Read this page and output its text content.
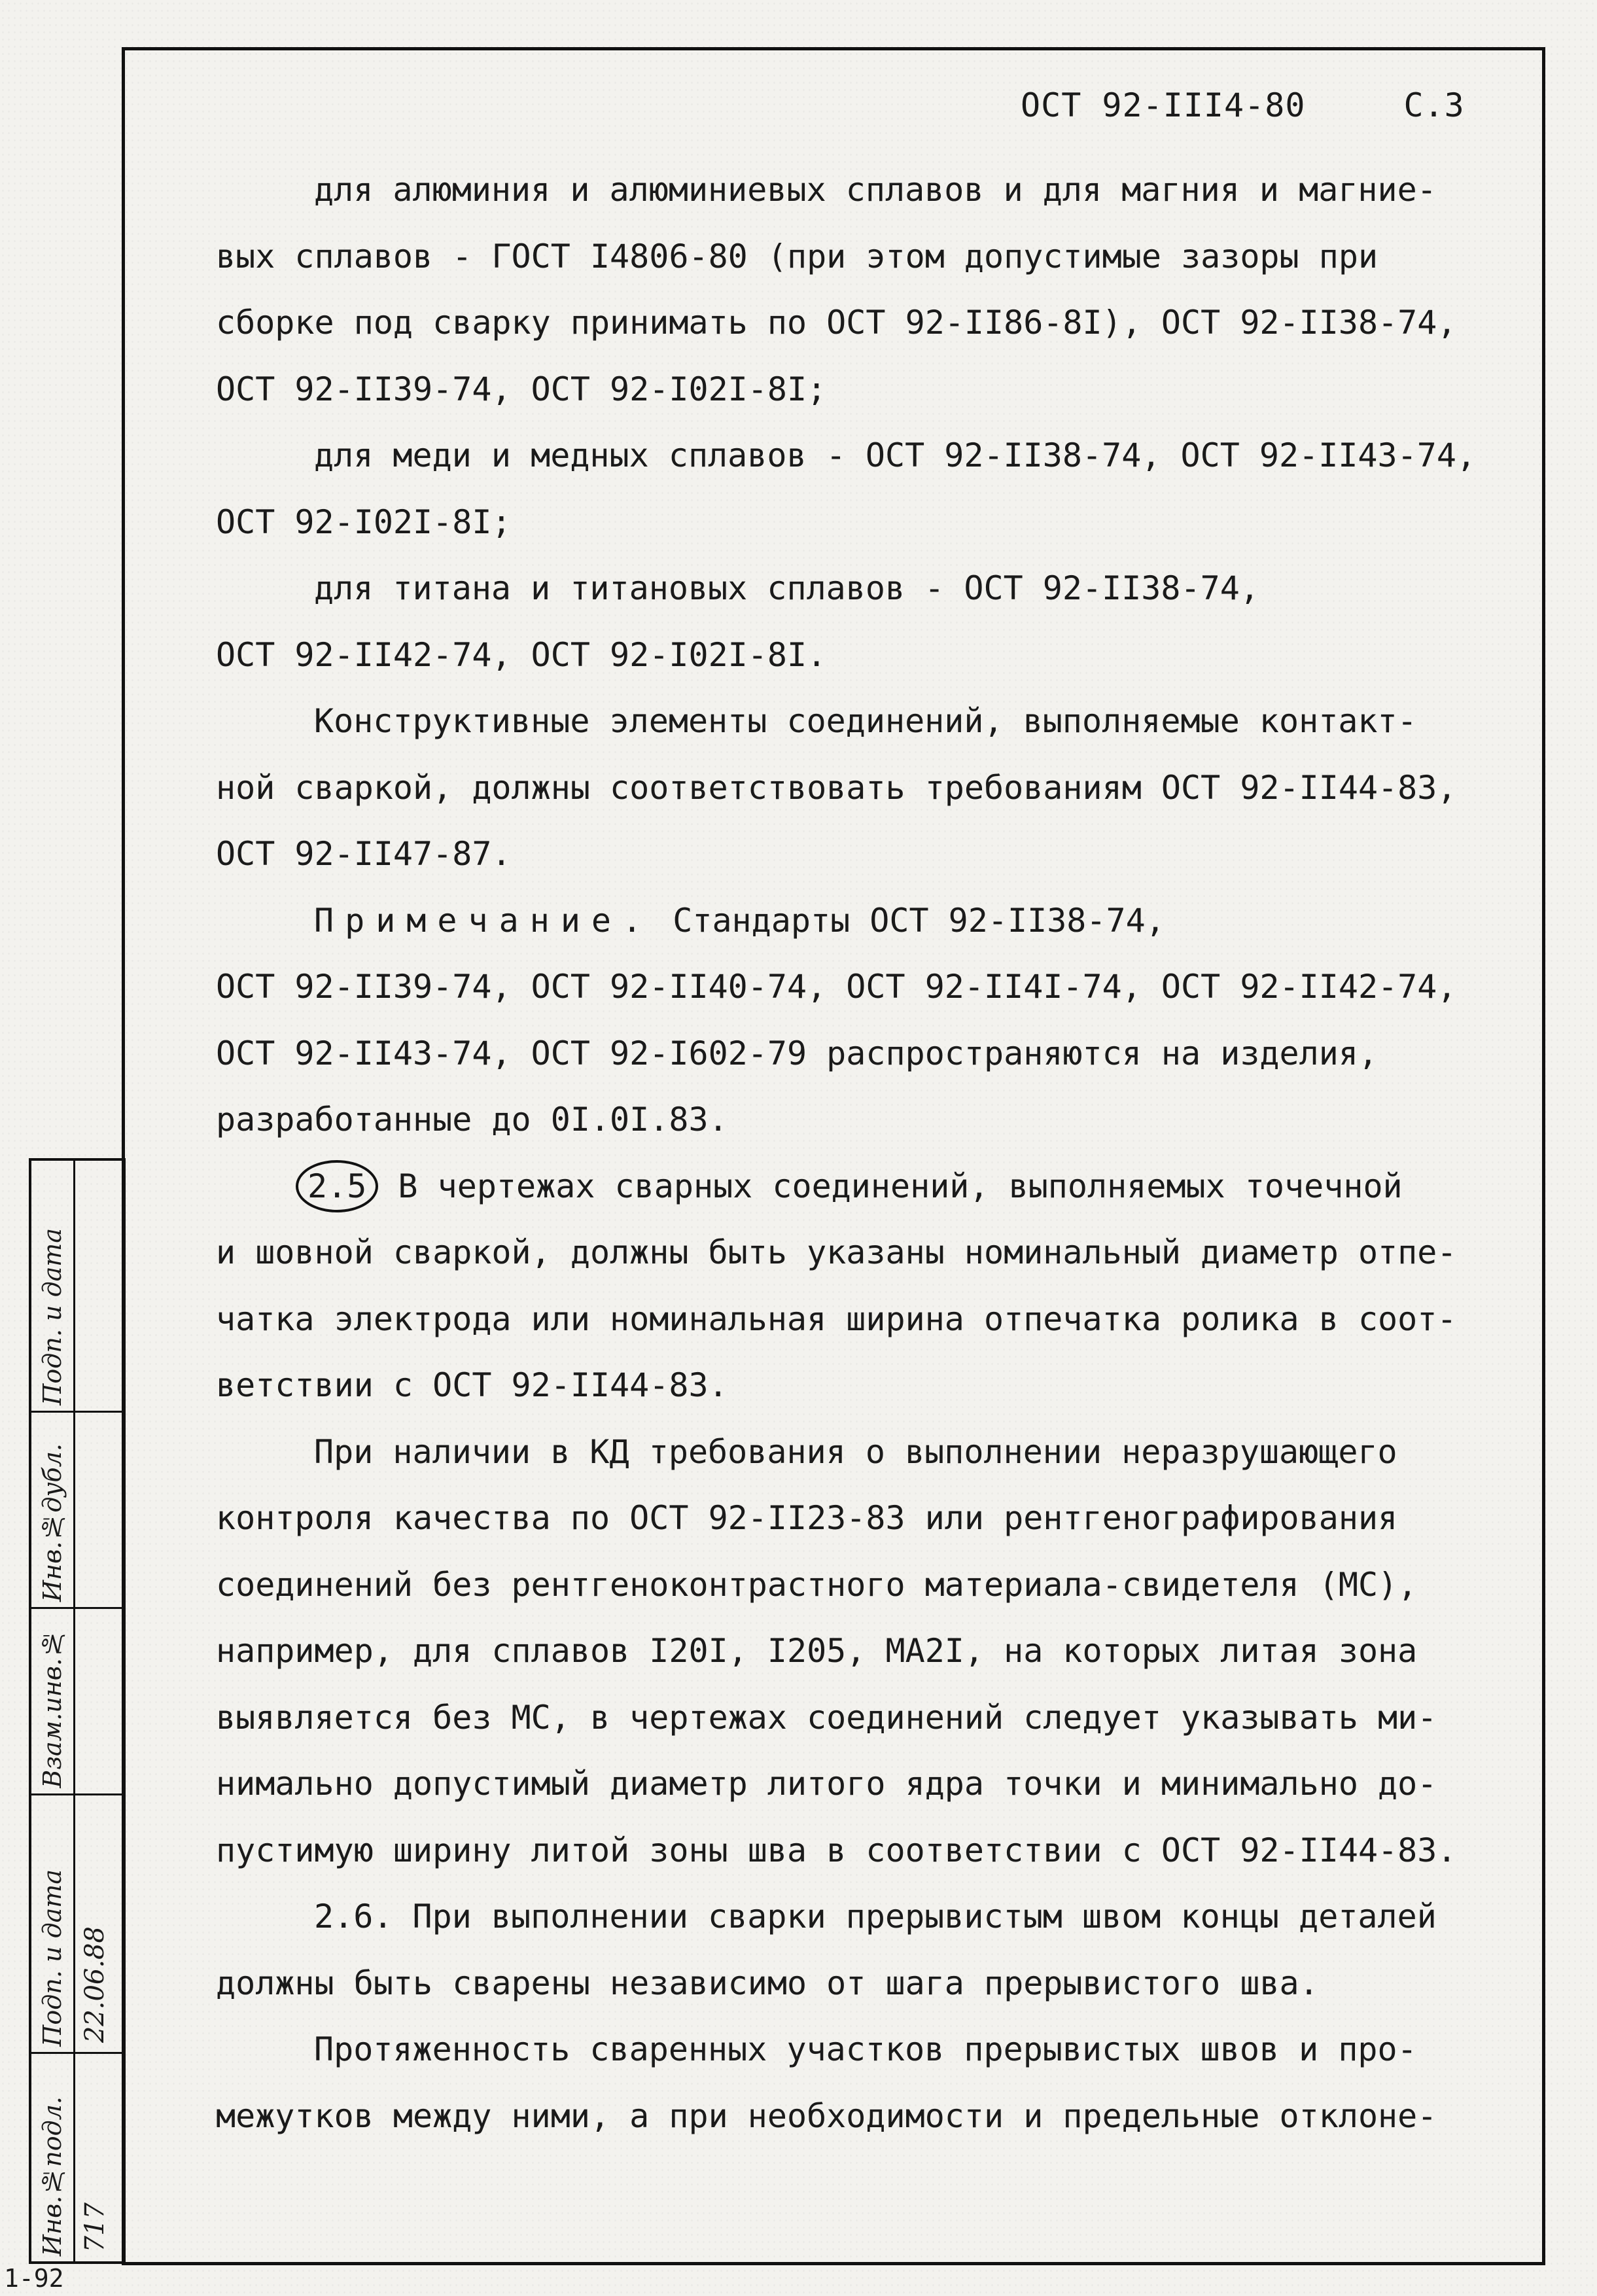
ОСТ 92-III4-80	С.3
для алюминия и алюминиевых сплавов и для магния и магние-
вых сплавов - ГОСТ I4806-80 (при этом допустимые зазоры при
сборке под сварку принимать по ОСТ 92-II86-8I), ОСТ 92-II38-74,
ОСТ 92-II39-74, ОСТ 92-I02I-8I;
для меди и медных сплавов - ОСТ 92-II38-74, ОСТ 92-II43-74,
ОСТ 92-I02I-8I;
для титана и титановых сплавов - ОСТ 92-II38-74,
ОСТ 92-II42-74, ОСТ 92-I02I-8I.
Конструктивные элементы соединений, выполняемые контакт-
ной сваркой, должны соответствовать требованиям ОСТ 92-II44-83,
ОСТ 92-II47-87.
Примечание. Стандарты ОСТ 92-II38-74,
ОСТ 92-II39-74, ОСТ 92-II40-74, ОСТ 92-II4I-74, ОСТ 92-II42-74,
ОСТ 92-II43-74, ОСТ 92-I602-79 распространяются на изделия,
разработанные до 0I.0I.83.
2.5 В чертежах сварных соединений, выполняемых точечной
и шовной сваркой, должны быть указаны номинальный диаметр отпе-
чатка электрода или номинальная ширина отпечатка ролика в соот-
ветствии с ОСТ 92-II44-83.
При наличии в КД требования о выполнении неразрушающего
контроля качества по ОСТ 92-II23-83 или рентгенографирования
соединений без рентгеноконтрастного материала-свидетеля (МС),
например, для сплавов I20I, I205, МА2I, на которых литая зона
выявляется без МС, в чертежах соединений следует указывать ми-
нимально допустимый диаметр литого ядра точки и минимально до-
пустимую ширину литой зоны шва в соответствии с ОСТ 92-II44-83.
2.6. При выполнении сварки прерывистым швом концы деталей
должны быть сварены независимо от шага прерывистого шва.
Протяженность сваренных участков прерывистых швов и про-
межутков между ними, а при необходимости и предельные отклоне-
Подп. и дата
Инв.№дубл.
Взам.инв.№
Подп. и дата 22.06.88
Инв.№подл. 717
1-92
